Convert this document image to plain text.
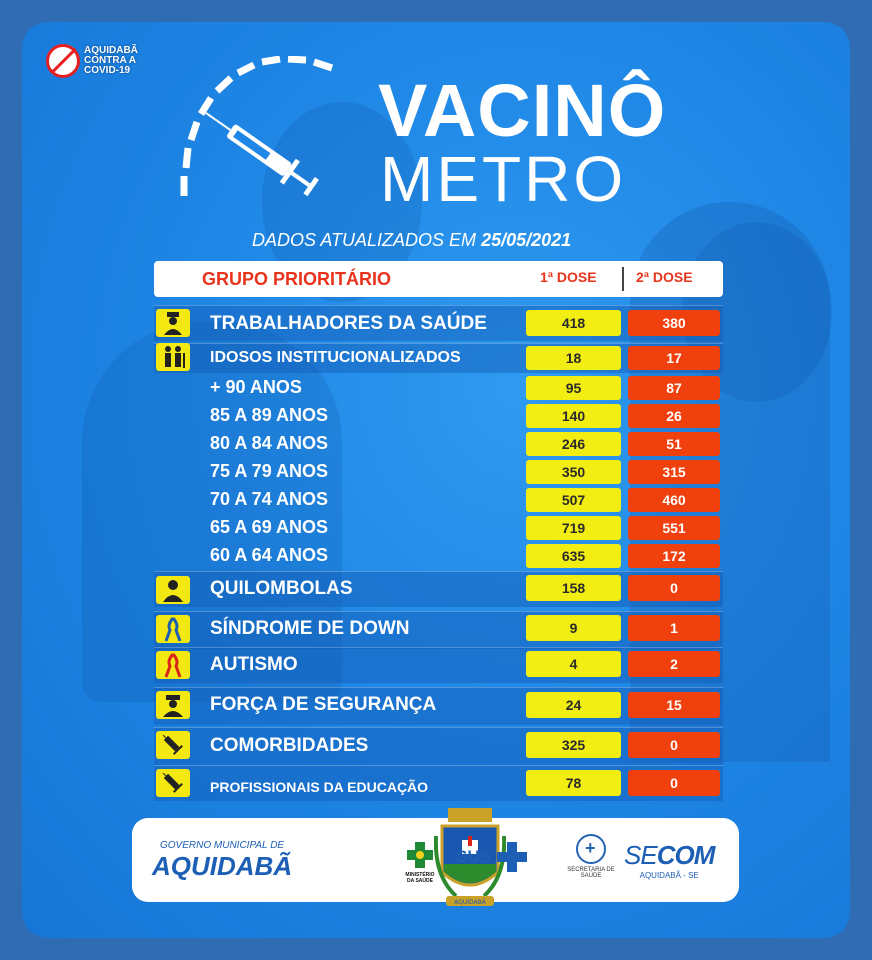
AQUIDABÃ
CONTRA A
COVID-19	VACINÔ
METRO
DADOS ATUALIZADOS EM 25/05/2021
GRUPO PRIORITÁRIO	1ª DOSE	2ª DOSE
TRABALHADORES DA SAÚDE	418	380
IDOSOS INSTITUCIONALIZADOS	18	17
+ 90 ANOS	95	87
85 A 89 ANOS	140	26
80 A 84 ANOS	246	51
75 A 79 ANOS	350	315
70 A 74 ANOS	507	460
65 A 69 ANOS	719	551
60 A 64 ANOS	635	172
QUILOMBOLAS	158	0
SÍNDROME DE DOWN	9	1
AUTISMO	4	2
FORÇA DE SEGURANÇA	24	15
COMORBIDADES	325	0
PROFISSIONAIS DA EDUCAÇÃO	78	0
GOVERNO MUNICIPAL DE
AQUIDABÃ
AQUIDABÃ
MINISTÉRIO
DA SAÚDE
SUS
+
SECRETARIA DE SAÚDE
SECOM
AQUIDABÃ - SE
